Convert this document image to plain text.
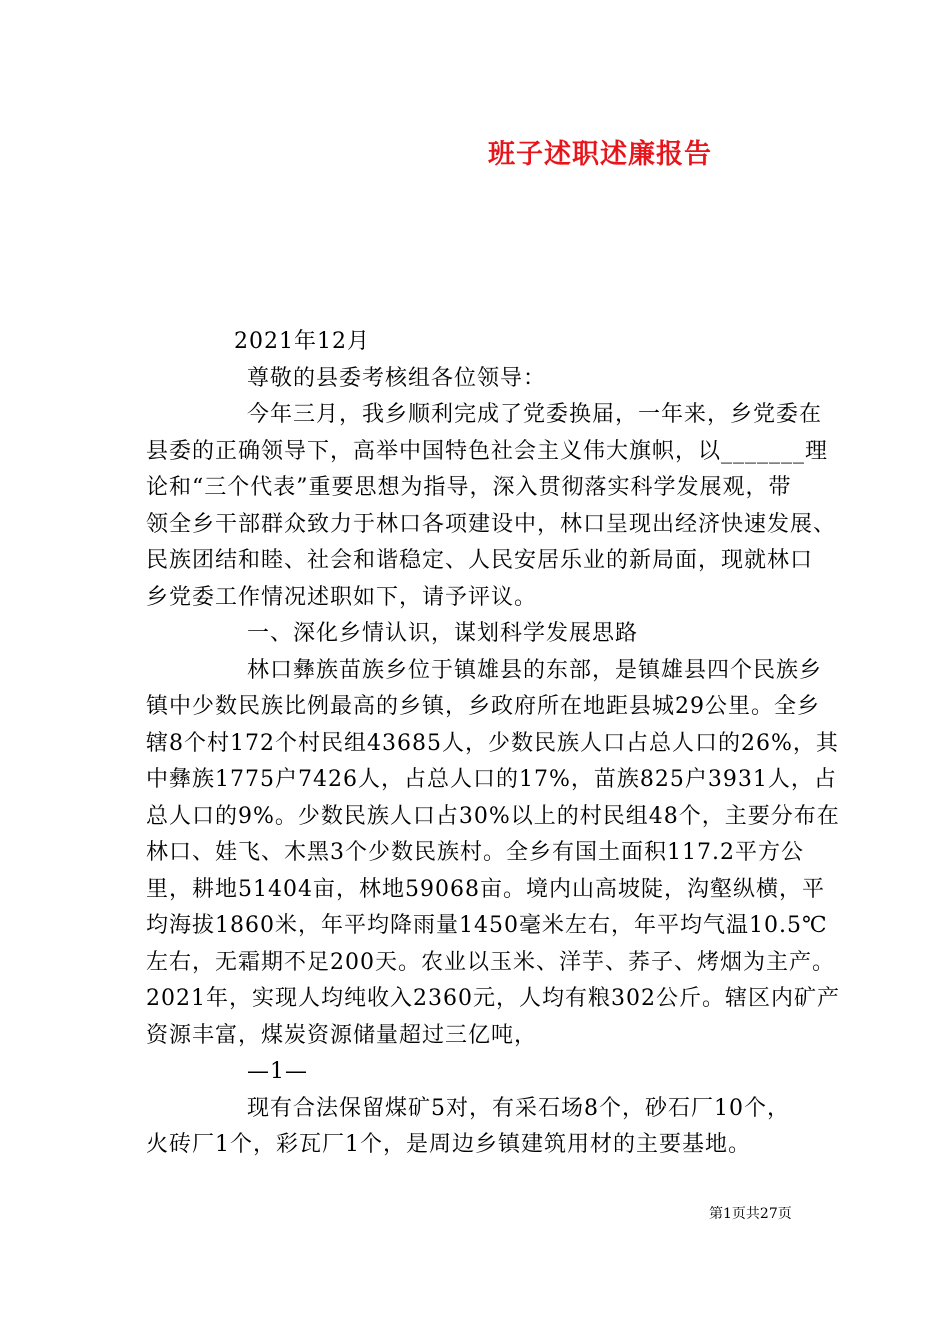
班子述职述廉报告
2021年12月
尊敬的县委考核组各位领导：
今年三月，我乡顺利完成了党委换届，一年来，乡党委在
县委的正确领导下，高举中国特色社会主义伟大旗帜，以_______理
论和“三个代表”重要思想为指导，深入贯彻落实科学发展观，带
领全乡干部群众致力于林口各项建设中，林口呈现出经济快速发展、
民族团结和睦、社会和谐稳定、人民安居乐业的新局面，现就林口
乡党委工作情况述职如下，请予评议。
一、深化乡情认识，谋划科学发展思路
林口彝族苗族乡位于镇雄县的东部，是镇雄县四个民族乡
镇中少数民族比例最高的乡镇，乡政府所在地距县城29公里。全乡
辖8个村172个村民组43685人，少数民族人口占总人口的26%，其
中彝族1775户7426人，占总人口的17%，苗族825户3931人，占
总人口的9%。少数民族人口占30%以上的村民组48个，主要分布在
林口、娃飞、木黑3个少数民族村。全乡有国土面积117.2平方公
里，耕地51404亩，林地59068亩。境内山高坡陡，沟壑纵横，平
均海拔1860米，年平均降雨量1450毫米左右，年平均气温10.5℃
左右，无霜期不足200天。农业以玉米、洋芋、荞子、烤烟为主产。
2021年，实现人均纯收入2360元，人均有粮302公斤。辖区内矿产
资源丰富，煤炭资源储量超过三亿吨，
—1—
现有合法保留煤矿5对，有采石场8个，砂石厂10个，
火砖厂1个，彩瓦厂1个，是周边乡镇建筑用材的主要基地。
第1页共27页
